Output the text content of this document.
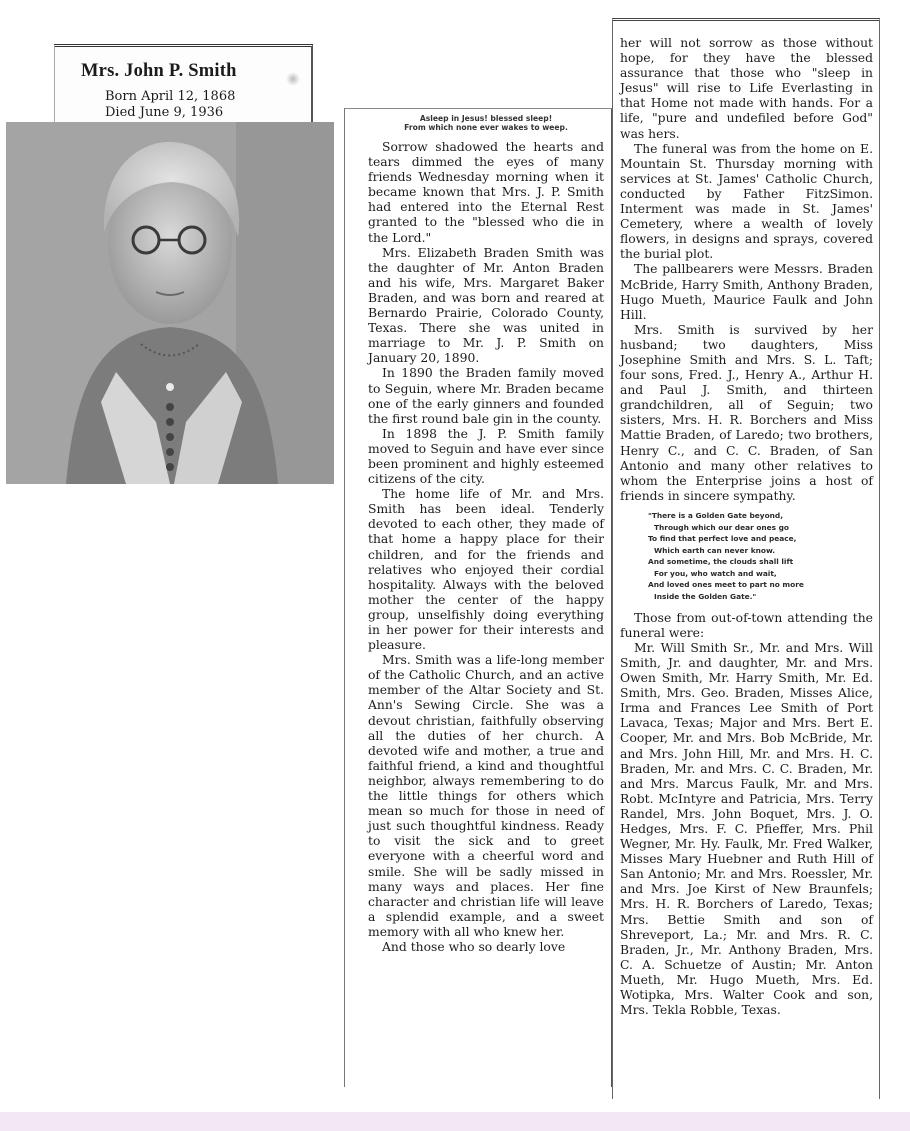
Mrs. John P. Smith
Born April 12, 1868
Died June 9, 1936	Asleep in Jesus! blessed sleep!
From which none ever wakes to weep.

Sorrow shadowed the hearts and tears dimmed the eyes of many friends Wednesday morning when it became known that Mrs. J. P. Smith had entered into the Eternal Rest granted to the "blessed who die in the Lord."

Mrs. Elizabeth Braden Smith was the daughter of Mr. Anton Braden and his wife, Mrs. Margaret Baker Braden, and was born and reared at Bernardo Prairie, Colorado County, Texas. There she was united in marriage to Mr. J. P. Smith on January 20, 1890.

In 1890 the Braden family moved to Seguin, where Mr. Braden became one of the early ginners and founded the first round bale gin in the county.

In 1898 the J. P. Smith family moved to Seguin and have ever since been prominent and highly esteemed citizens of the city.

The home life of Mr. and Mrs. Smith has been ideal. Tenderly devoted to each other, they made of that home a happy place for their children, and for the friends and relatives who enjoyed their cordial hospitality. Always with the beloved mother the center of the happy group, unselfishly doing everything in her power for their interests and pleasure.

Mrs. Smith was a life-long member of the Catholic Church, and an active member of the Altar Society and St. Ann's Sewing Circle. She was a devout christian, faithfully observing all the duties of her church. A devoted wife and mother, a true and faithful friend, a kind and thoughtful neighbor, always remembering to do the little things for others which mean so much for those in need of just such thoughtful kindness. Ready to visit the sick and to greet everyone with a cheerful word and smile. She will be sadly missed in many ways and places. Her fine character and christian life will leave a splendid example, and a sweet memory with all who knew her.

And those who so dearly love

her will not sorrow as those without hope, for they have the blessed assurance that those who "sleep in Jesus" will rise to Life Everlasting in that Home not made with hands. For a life, "pure and undefiled before God" was hers.

The funeral was from the home on E. Mountain St. Thursday morning with services at St. James' Catholic Church, conducted by Father FitzSimon. Interment was made in St. James' Cemetery, where a wealth of lovely flowers, in designs and sprays, covered the burial plot.

The pallbearers were Messrs. Braden McBride, Harry Smith, Anthony Braden, Hugo Mueth, Maurice Faulk and John Hill.

Mrs. Smith is survived by her husband; two daughters, Miss Josephine Smith and Mrs. S. L. Taft; four sons, Fred. J., Henry A., Arthur H. and Paul J. Smith, and thirteen grandchildren, all of Seguin; two sisters, Mrs. H. R. Borchers and Miss Mattie Braden, of Laredo; two brothers, Henry C., and C. C. Braden, of San Antonio and many other relatives to whom the Enterprise joins a host of friends in sincere sympathy.

"There is a Golden Gate beyond,
Through which our dear ones go
To find that perfect love and peace,
Which earth can never know.
And sometime, the clouds shall lift
For you, who watch and wait,
And loved ones meet to part no more
Inside the Golden Gate."

Those from out-of-town attending the funeral were:

Mr. Will Smith Sr., Mr. and Mrs. Will Smith, Jr. and daughter, Mr. and Mrs. Owen Smith, Mr. Harry Smith, Mr. Ed. Smith, Mrs. Geo. Braden, Misses Alice, Irma and Frances Lee Smith of Port Lavaca, Texas; Major and Mrs. Bert E. Cooper, Mr. and Mrs. Bob McBride, Mr. and Mrs. John Hill, Mr. and Mrs. H. C. Braden, Mr. and Mrs. C. C. Braden, Mr. and Mrs. Marcus Faulk, Mr. and Mrs. Robt. McIntyre and Patricia, Mrs. Terry Randel, Mrs. John Boquet, Mrs. J. O. Hedges, Mrs. F. C. Pfieffer, Mrs. Phil Wegner, Mr. Hy. Faulk, Mr. Fred Walker, Misses Mary Huebner and Ruth Hill of San Antonio; Mr. and Mrs. Roessler, Mr. and Mrs. Joe Kirst of New Braunfels; Mrs. H. R. Borchers of Laredo, Texas; Mrs. Bettie Smith and son of Shreveport, La.; Mr. and Mrs. R. C. Braden, Jr., Mr. Anthony Braden, Mrs. C. A. Schuetze of Austin; Mr. Anton Mueth, Mr. Hugo Mueth, Mrs. Ed. Wotipka, Mrs. Walter Cook and son, Mrs. Tekla Robble, Texas.
